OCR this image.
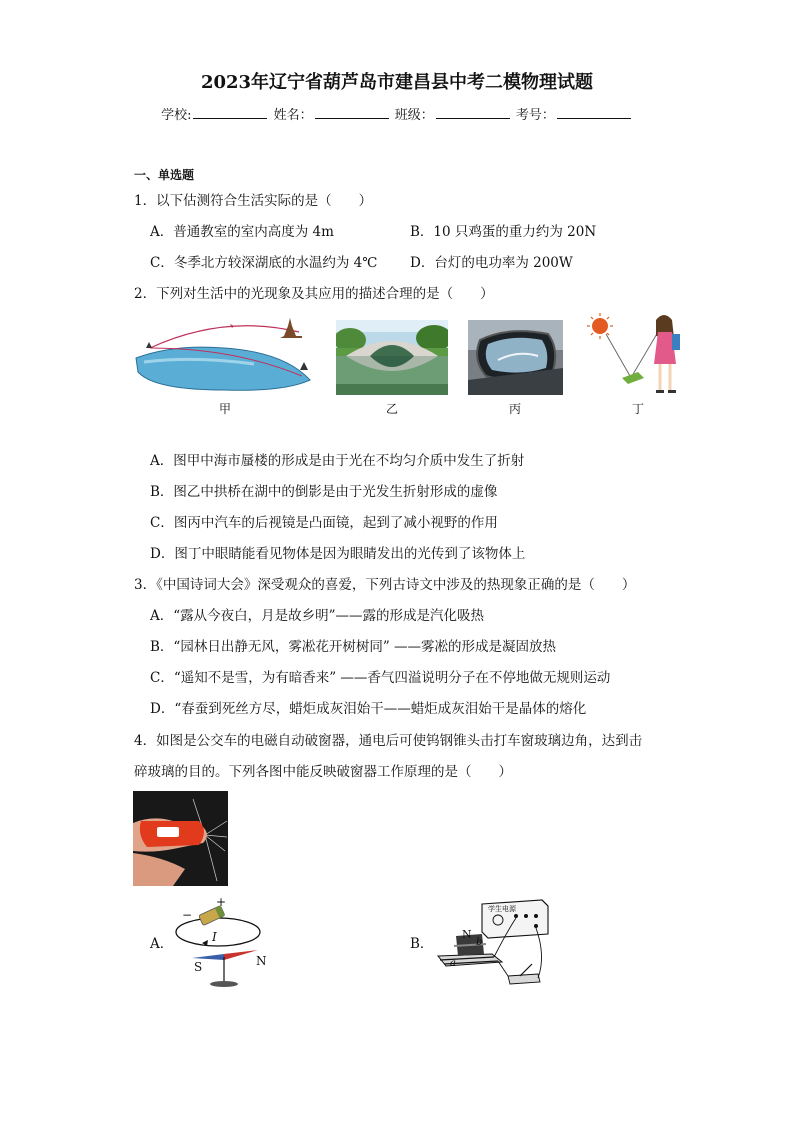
2023年辽宁省葫芦岛市建昌县中考二模物理试题
学校:	姓名：	班级：	考号：
一、单选题
1．以下估测符合生活实际的是（　　）
A．普通教室的室内高度为 4m	B．10 只鸡蛋的重力约为 20N
C．冬季北方较深湖底的水温约为 4℃ D．台灯的电功率为 200W
2．下列对生活中的光现象及其应用的描述合理的是（　　）
甲	乙	丙	丁
A．图甲中海市蜃楼的形成是由于光在不均匀介质中发生了折射
B．图乙中拱桥在湖中的倒影是由于光发生折射形成的虚像
C．图丙中汽车的后视镜是凸面镜，起到了减小视野的作用
D．图丁中眼睛能看见物体是因为眼睛发出的光传到了该物体上
3．《中国诗词大会》深受观众的喜爱，下列古诗文中涉及的热现象正确的是（　　）
A．“露从今夜白，月是故乡明”——露的形成是汽化吸热
B．“园林日出静无风，雾凇花开树树同” ——雾凇的形成是凝固放热
C．“遥知不是雪，为有暗香来” ——香气四溢说明分子在不停地做无规则运动
D．“春蚕到死丝方尽，蜡炬成灰泪始干——蜡炬成灰泪始干是晶体的熔化
4．如图是公交车的电磁自动破窗器，通电后可使钨钢锥头击打车窗玻璃边角，达到击
碎玻璃的目的。下列各图中能反映破窗器工作原理的是（　　）
A．
−
+
I
S	N
B．
学生电源
N
b
a
